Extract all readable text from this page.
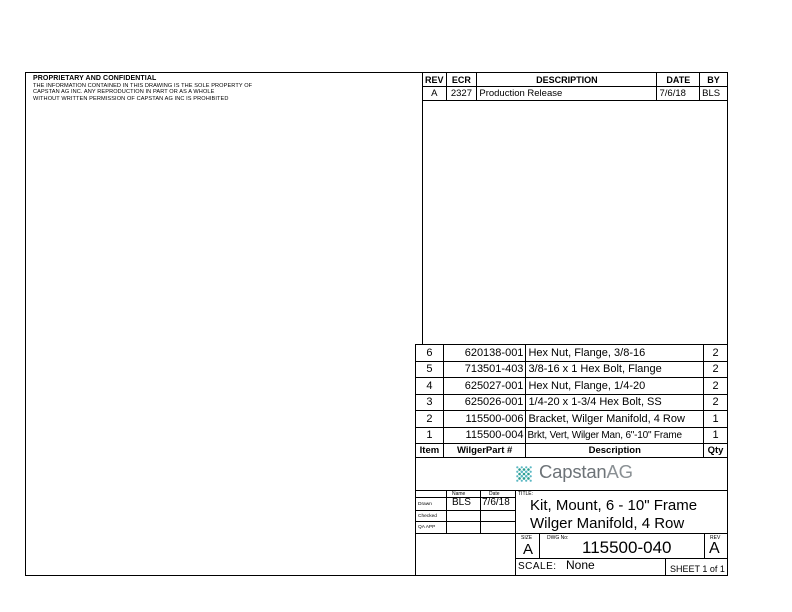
PROPRIETARY AND CONFIDENTIAL
THE INFORMATION CONTAINED IN THIS DRAWING IS THE SOLE PROPERTY OF
CAPSTAN AG INC. ANY REPRODUCTION IN PART OR AS A WHOLE
WITHOUT WRITTEN PERMISSION OF CAPSTAN AG INC IS PROHIBITED
REV	ECR	DESCRIPTION	DATE	BY
A	2327	Production Release	7/6/18	BLS
6	620138-001	Hex Nut, Flange, 3/8-16	2
5	713501-403	3/8-16 x 1 Hex Bolt, Flange	2
4	625027-001	Hex Nut, Flange, 1/4-20	2
3	625026-001	1/4-20 x 1-3/4 Hex Bolt, SS	2
2	115500-006	Bracket, Wilger Manifold, 4 Row	1
1	115500-004	Brkt, Vert, Wilger Man, 6"-10" Frame	1
Item	WilgerPart #	Description	Qty
CapstanAG
Name	Date
Drawn BLS 7/6/18
Checked
QA APP
TITLE:
Kit, Mount, 6 - 10" Frame
Wilger Manifold, 4 Row
SIZE
A
DWG No: 115500-040	REV
A
SCALE: None	SHEET 1 of 1
